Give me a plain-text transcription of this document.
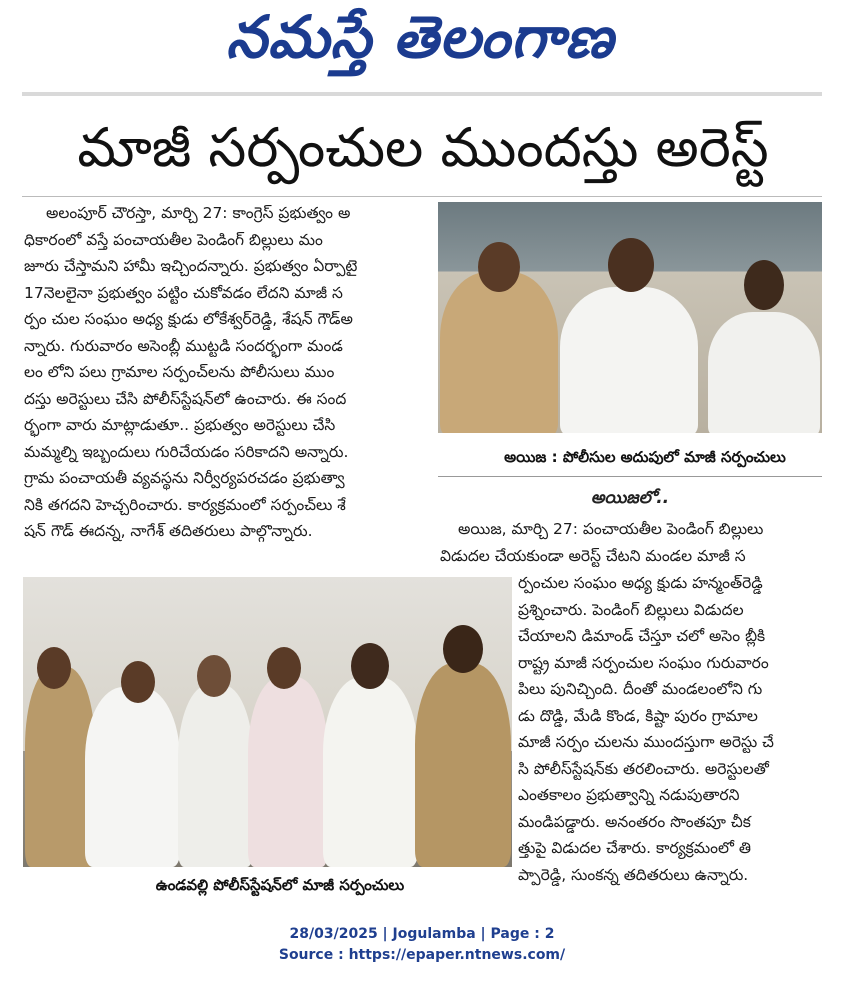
నమస్తే తెలంగాణ
మాజీ సర్పంచుల ముందస్తు అరెస్ట్

అలంపూర్ చౌరస్తా, మార్చి 27: కాంగ్రెస్ ప్రభుత్వం అ

ధికారంలో వస్తే పంచాయతీల పెండింగ్ బిల్లులు మం

జూరు చేస్తామని హామీ ఇచ్చిందన్నారు. ప్రభుత్వం ఏర్పాటై

17నెలలైనా ప్రభుత్వం పట్టిం చుకోవడం లేదని మాజీ స

ర్పం చుల సంఘం అధ్య క్షుడు లోకేశ్వర్‌రెడ్డి, శేషన్ గౌడ్అ

న్నారు. గురువారం అసెంబ్లీ ముట్టడి సందర్భంగా మండ

లం లోని పలు గ్రామాల సర్పంచ్‌లను పోలీసులు ముం

దస్తు అరెస్టులు చేసి పోలీస్‌స్టేషన్‌లో ఉంచారు. ఈ సంద

ర్భంగా వారు మాట్లాడుతూ.. ప్రభుత్వం అరెస్టులు చేసి

మమ్మల్ని ఇబ్బందులు గురిచేయడం సరికాదని అన్నారు.

గ్రామ పంచాయతీ వ్యవస్థను నిర్వీర్యపరచడం ప్రభుత్వా

నికి తగదని హెచ్చరించారు. కార్యక్రమంలో సర్పంచ్‌లు శే

షన్ గౌడ్ ఈదన్న, నాగేశ్ తదితరులు పాల్గొన్నారు.

అయిజ : పోలీసుల అదుపులో మాజీ సర్పంచులు
అయిజలో..

అయిజ, మార్చి 27: పంచాయతీల పెండింగ్ బిల్లులు

విడుదల చేయకుండా అరెస్ట్ చేటని మండల మాజీ స

ర్పంచుల సంఘం అధ్య క్షుడు హన్మంత్‌రెడ్డి

ప్రశ్నించారు. పెండింగ్ బిల్లులు విడుదల

చేయాలని డిమాండ్ చేస్తూ చలో అసెం బ్లీకి

రాష్ట్ర మాజీ సర్పంచుల సంఘం గురువారం

పిలు పునిచ్చింది. దీంతో మండలంలోని గు

డు దొడ్డి, మేడి కొండ, కిష్టా పురం గ్రామాల

మాజీ సర్పం చులను ముందస్తుగా అరెస్టు చే

సి పోలీస్‌స్టేషన్‌కు తరలించారు. అరెస్టులతో

ఎంతకాలం ప్రభుత్వాన్ని నడుపుతారని

మండిపడ్డారు. అనంతరం సొంతపూ చీక

త్తుపై విడుదల చేశారు. కార్యక్రమంలో తి

ప్పారెడ్డి, సుంకన్న తదితరులు ఉన్నారు.

ఉండవల్లి పోలీస్‌స్టేషన్‌లో మాజీ సర్పంచులు
28/03/2025 | Jogulamba | Page : 2
Source : https://epaper.ntnews.com/
